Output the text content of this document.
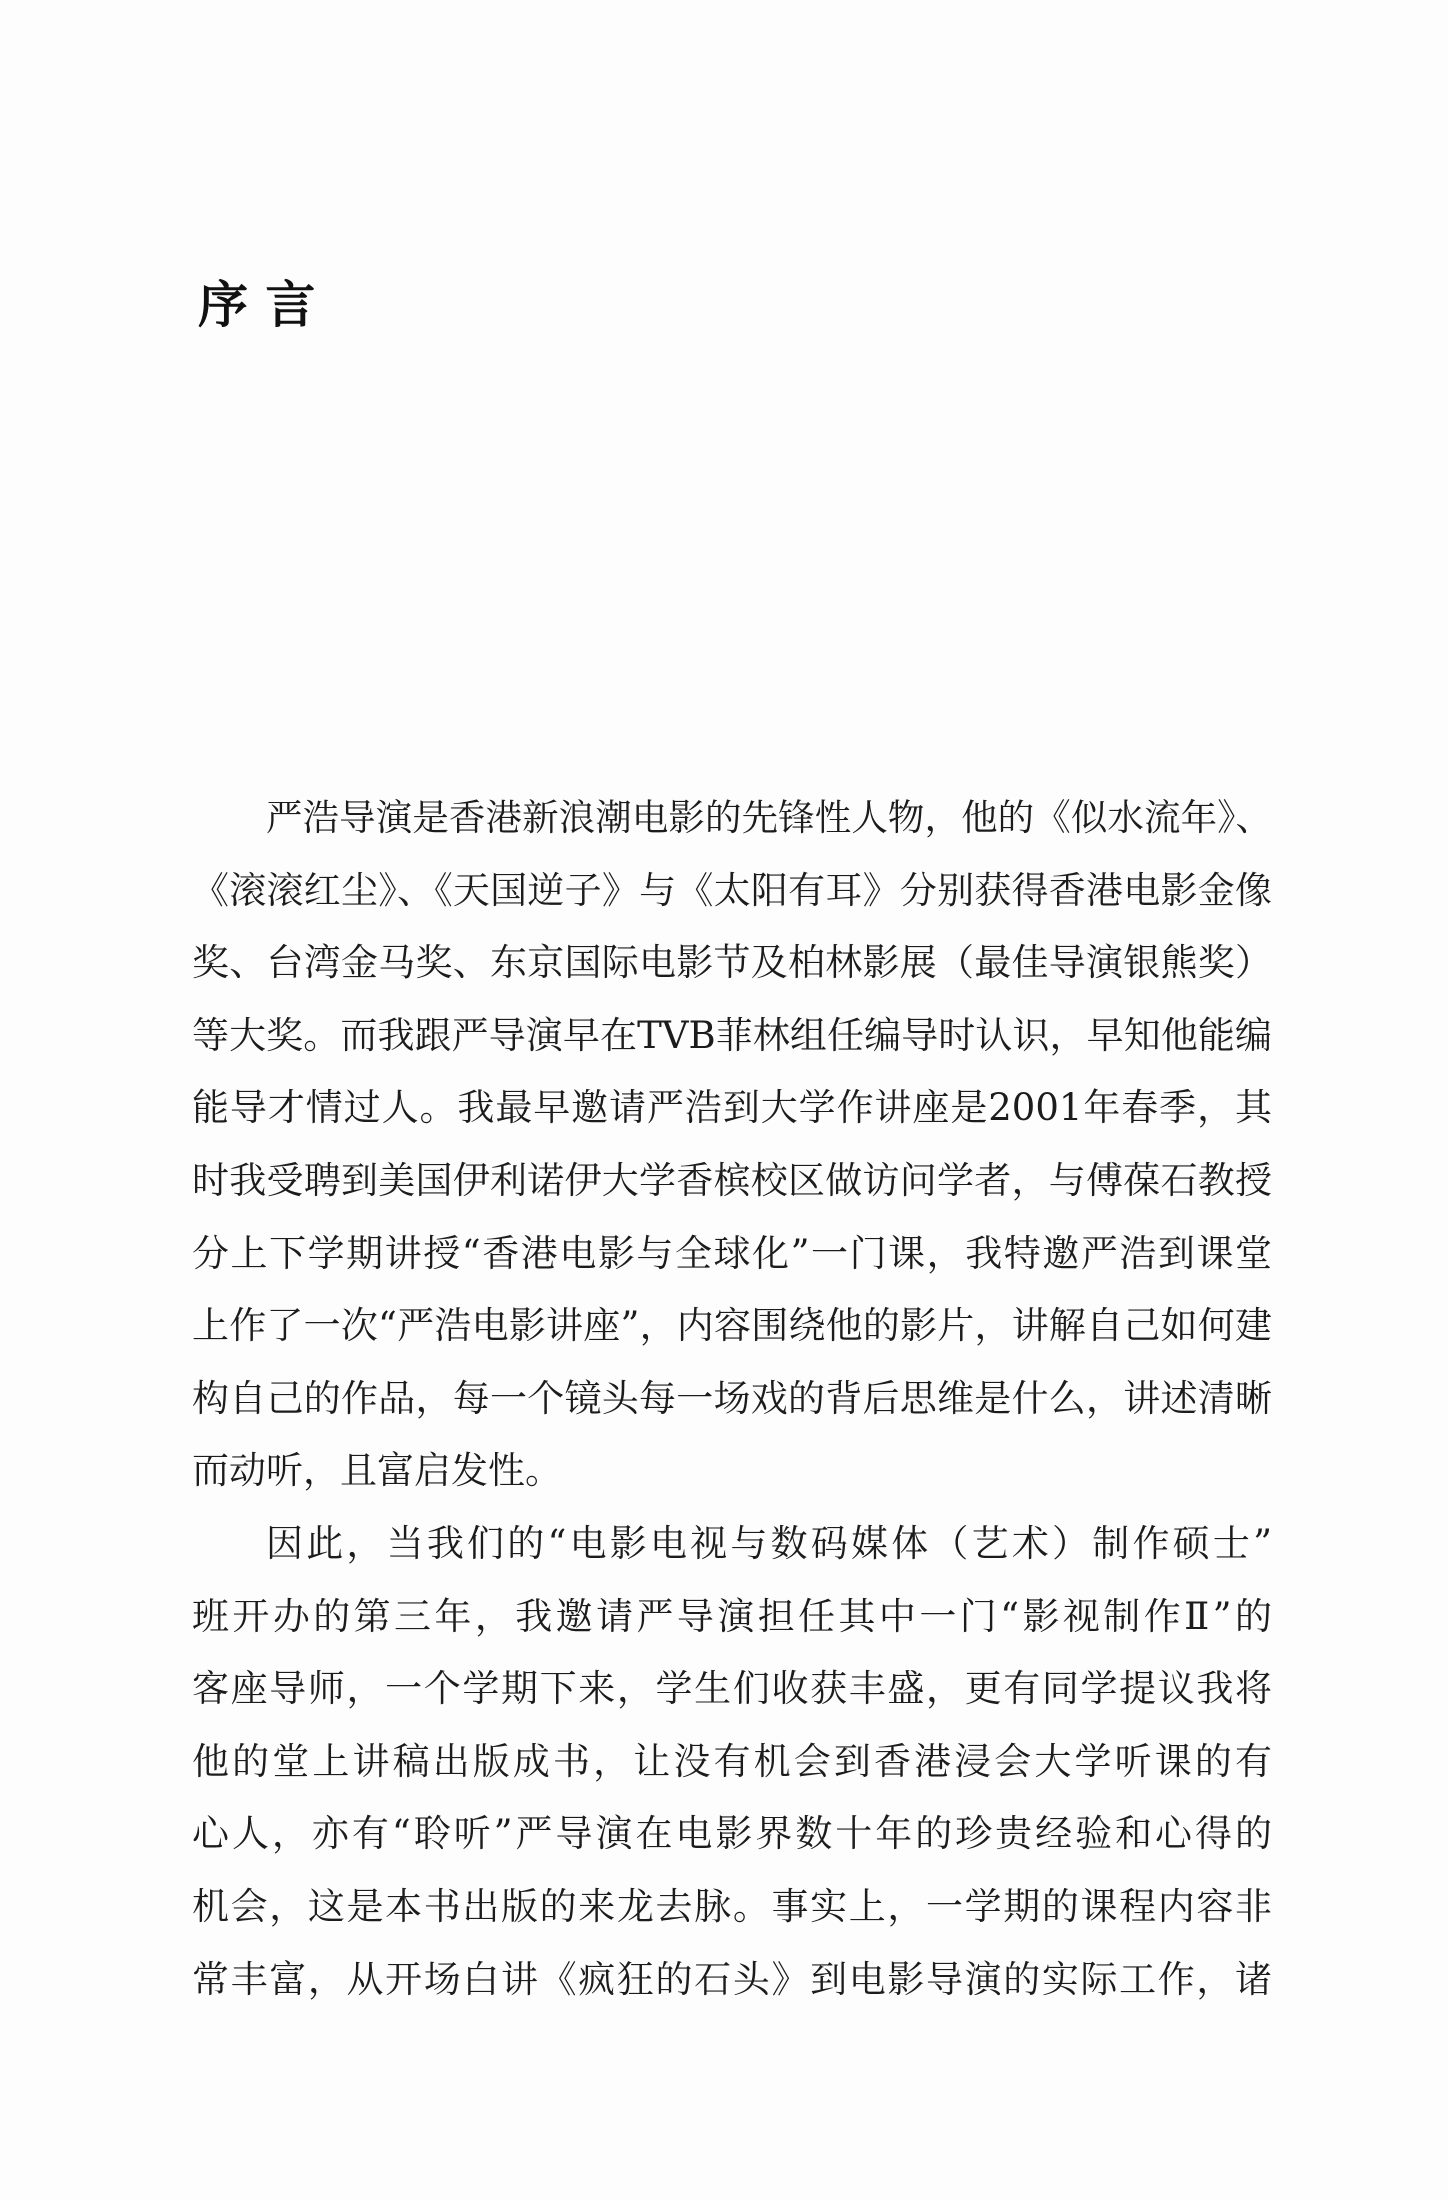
序 言
严浩导演是香港新浪潮电影的先锋性人物，他的《似水流年》、
《滚滚红尘》、《天国逆子》与《太阳有耳》分别获得香港电影金像
奖、台湾金马奖、东京国际电影节及柏林影展（最佳导演银熊奖）
等大奖。而我跟严导演早在TVB菲林组任编导时认识，早知他能编
能导才情过人。我最早邀请严浩到大学作讲座是2001年春季，其
时我受聘到美国伊利诺伊大学香槟校区做访问学者，与傅葆石教授
分上下学期讲授“香港电影与全球化”一门课，我特邀严浩到课堂
上作了一次“严浩电影讲座”，内容围绕他的影片，讲解自己如何建
构自己的作品，每一个镜头每一场戏的背后思维是什么，讲述清晰
而动听，且富启发性。
因此，当我们的“电影电视与数码媒体（艺术）制作硕士”
班开办的第三年，我邀请严导演担任其中一门“影视制作Ⅱ”的
客座导师，一个学期下来，学生们收获丰盛，更有同学提议我将
他的堂上讲稿出版成书，让没有机会到香港浸会大学听课的有
心人，亦有“聆听”严导演在电影界数十年的珍贵经验和心得的
机会，这是本书出版的来龙去脉。事实上，一学期的课程内容非
常丰富，从开场白讲《疯狂的石头》到电影导演的实际工作，诸
